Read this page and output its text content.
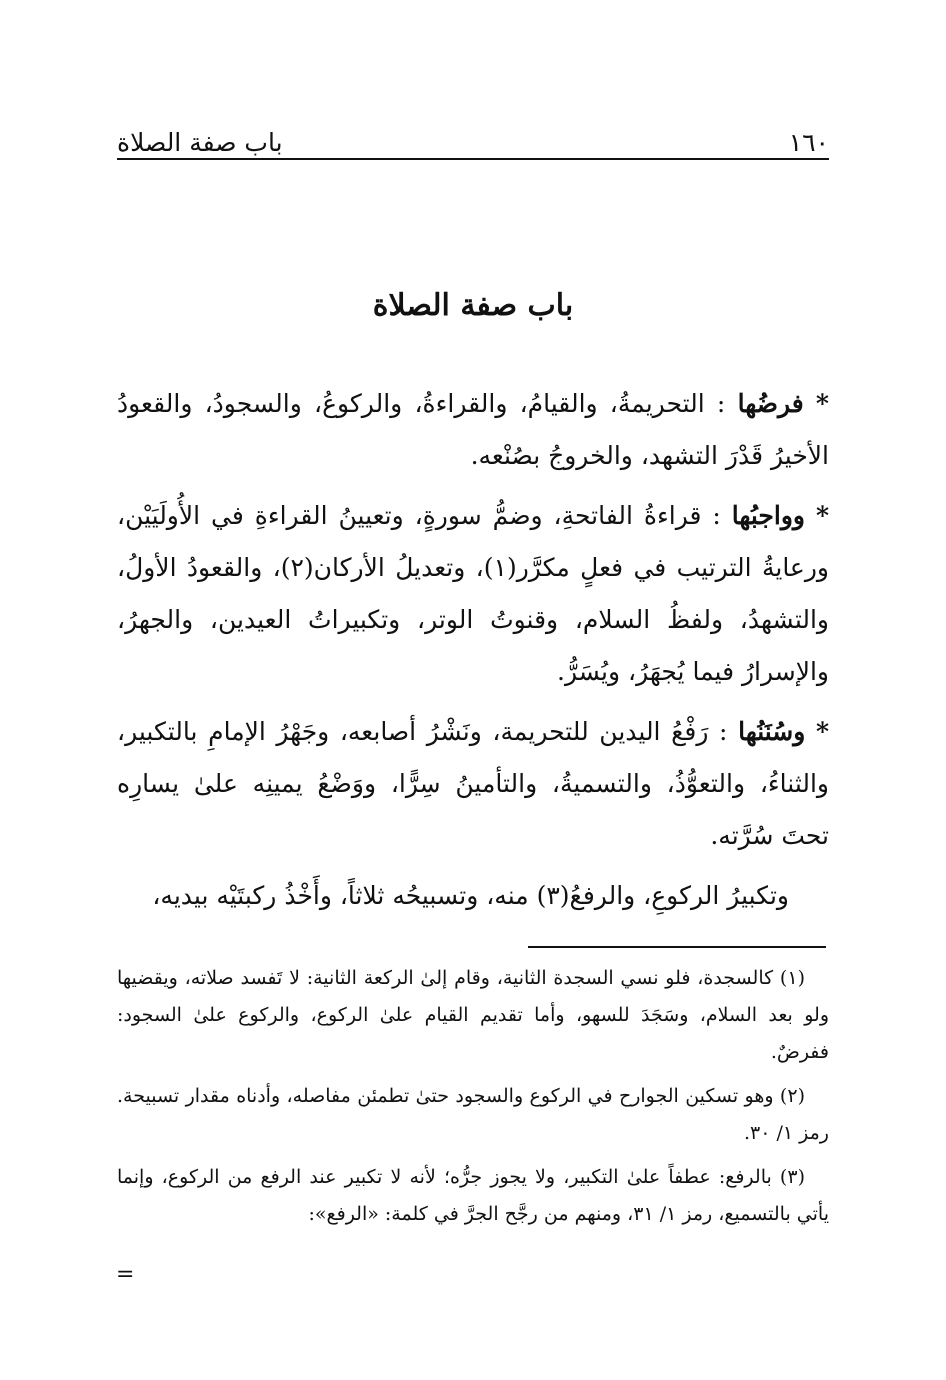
١٦٠
باب صفة الصلاة
باب صفة الصلاة

* فرضُها : التحريمةُ، والقيامُ، والقراءةُ، والركوعُ، والسجودُ، والقعودُ الأخيرُ قَدْرَ التشهد، والخروجُ بصُنْعه.

* وواجبُها : قراءةُ الفاتحةِ، وضمُّ سورةٍ، وتعيينُ القراءةِ في الأُولَيَيْن، ورعايةُ الترتيب في فعلٍ مكرَّر(١)، وتعديلُ الأركان(٢)، والقعودُ الأولُ، والتشهدُ، ولفظُ السلام، وقنوتُ الوتر، وتكبيراتُ العيدين، والجهرُ، والإسرارُ فيما يُجهَرُ، ويُسَرُّ.

* وسُنَنُها : رَفْعُ اليدين للتحريمة، ونَشْرُ أصابعه، وجَهْرُ الإمامِ بالتكبير، والثناءُ، والتعوُّذُ، والتسميةُ، والتأمينُ سِرًّا، ووَضْعُ يمينِه علىٰ يسارِه تحتَ سُرَّته.

وتكبيرُ الركوعِ، والرفعُ(٣) منه، وتسبيحُه ثلاثاً، وأَخْذُ ركبتَيْه بيديه،

(١) كالسجدة، فلو نسي السجدة الثانية، وقام إلىٰ الركعة الثانية: لا تَفسد صلاته، ويقضيها ولو بعد السلام، وسَجَدَ للسهو، وأما تقديم القيام علىٰ الركوع، والركوع علىٰ السجود: ففرضٌ.

(٢) وهو تسكين الجوارح في الركوع والسجود حتىٰ تطمئن مفاصله، وأدناه مقدار تسبيحة. رمز ١/ ٣٠.

(٣) بالرفع: عطفاً علىٰ التكبير، ولا يجوز جرُّه؛ لأنه لا تكبير عند الرفع من الركوع، وإنما يأتي بالتسميع، رمز ١/ ٣١، ومنهم من رجَّح الجرَّ في كلمة: «الرفع»:

=
